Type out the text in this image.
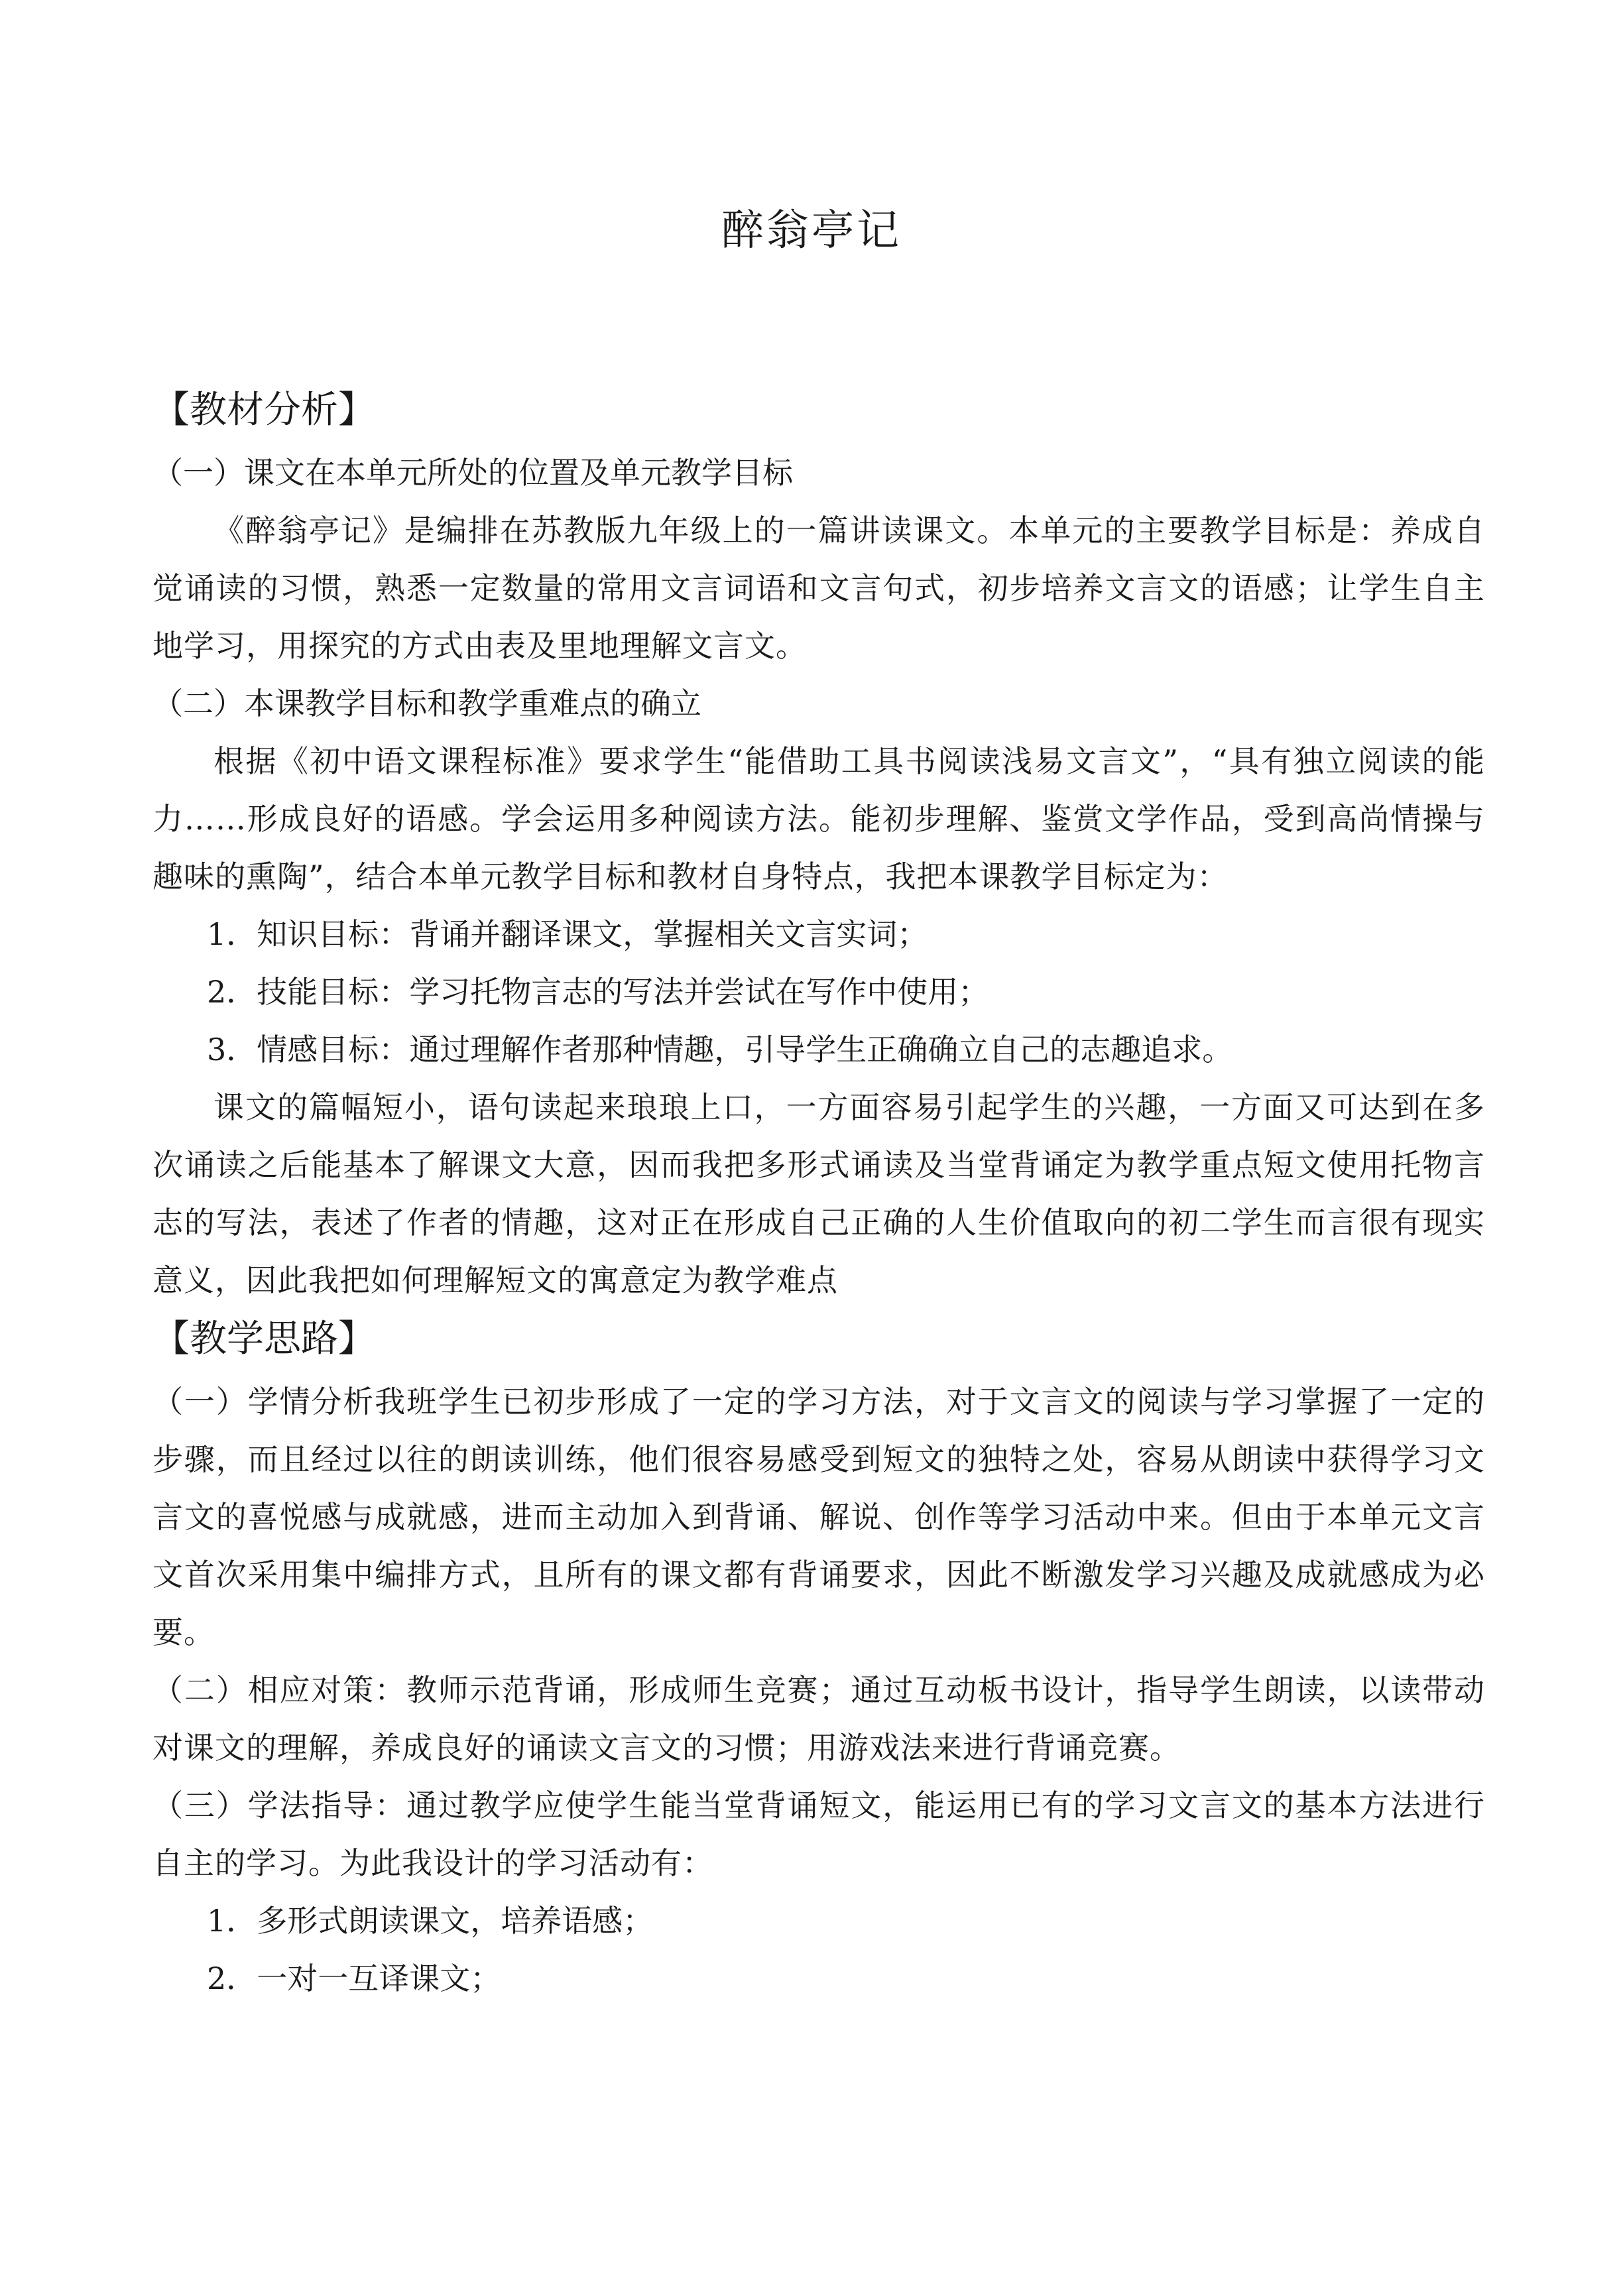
醉翁亭记
【教材分析】
（一）课文在本单元所处的位置及单元教学目标
《醉翁亭记》是编排在苏教版九年级上的一篇讲读课文。本单元的主要教学目标是：养成自觉诵读的习惯，熟悉一定数量的常用文言词语和文言句式，初步培养文言文的语感；让学生自主地学习，用探究的方式由表及里地理解文言文。
（二）本课教学目标和教学重难点的确立
根据《初中语文课程标准》要求学生“能借助工具书阅读浅易文言文”，“具有独立阅读的能力……形成良好的语感。学会运用多种阅读方法。能初步理解、鉴赏文学作品，受到高尚情操与趣味的熏陶”，结合本单元教学目标和教材自身特点，我把本课教学目标定为：
1．知识目标：背诵并翻译课文，掌握相关文言实词；
2．技能目标：学习托物言志的写法并尝试在写作中使用；
3．情感目标：通过理解作者那种情趣，引导学生正确确立自己的志趣追求。
课文的篇幅短小，语句读起来琅琅上口，一方面容易引起学生的兴趣，一方面又可达到在多次诵读之后能基本了解课文大意，因而我把多形式诵读及当堂背诵定为教学重点短文使用托物言志的写法，表述了作者的情趣，这对正在形成自己正确的人生价值取向的初二学生而言很有现实意义，因此我把如何理解短文的寓意定为教学难点
【教学思路】
（一）学情分析我班学生已初步形成了一定的学习方法，对于文言文的阅读与学习掌握了一定的步骤，而且经过以往的朗读训练，他们很容易感受到短文的独特之处，容易从朗读中获得学习文言文的喜悦感与成就感，进而主动加入到背诵、解说、创作等学习活动中来。但由于本单元文言文首次采用集中编排方式，且所有的课文都有背诵要求，因此不断激发学习兴趣及成就感成为必要。
（二）相应对策：教师示范背诵，形成师生竞赛；通过互动板书设计，指导学生朗读，以读带动对课文的理解，养成良好的诵读文言文的习惯；用游戏法来进行背诵竞赛。
（三）学法指导：通过教学应使学生能当堂背诵短文，能运用已有的学习文言文的基本方法进行自主的学习。为此我设计的学习活动有：
1．多形式朗读课文，培养语感；
2．一对一互译课文；
